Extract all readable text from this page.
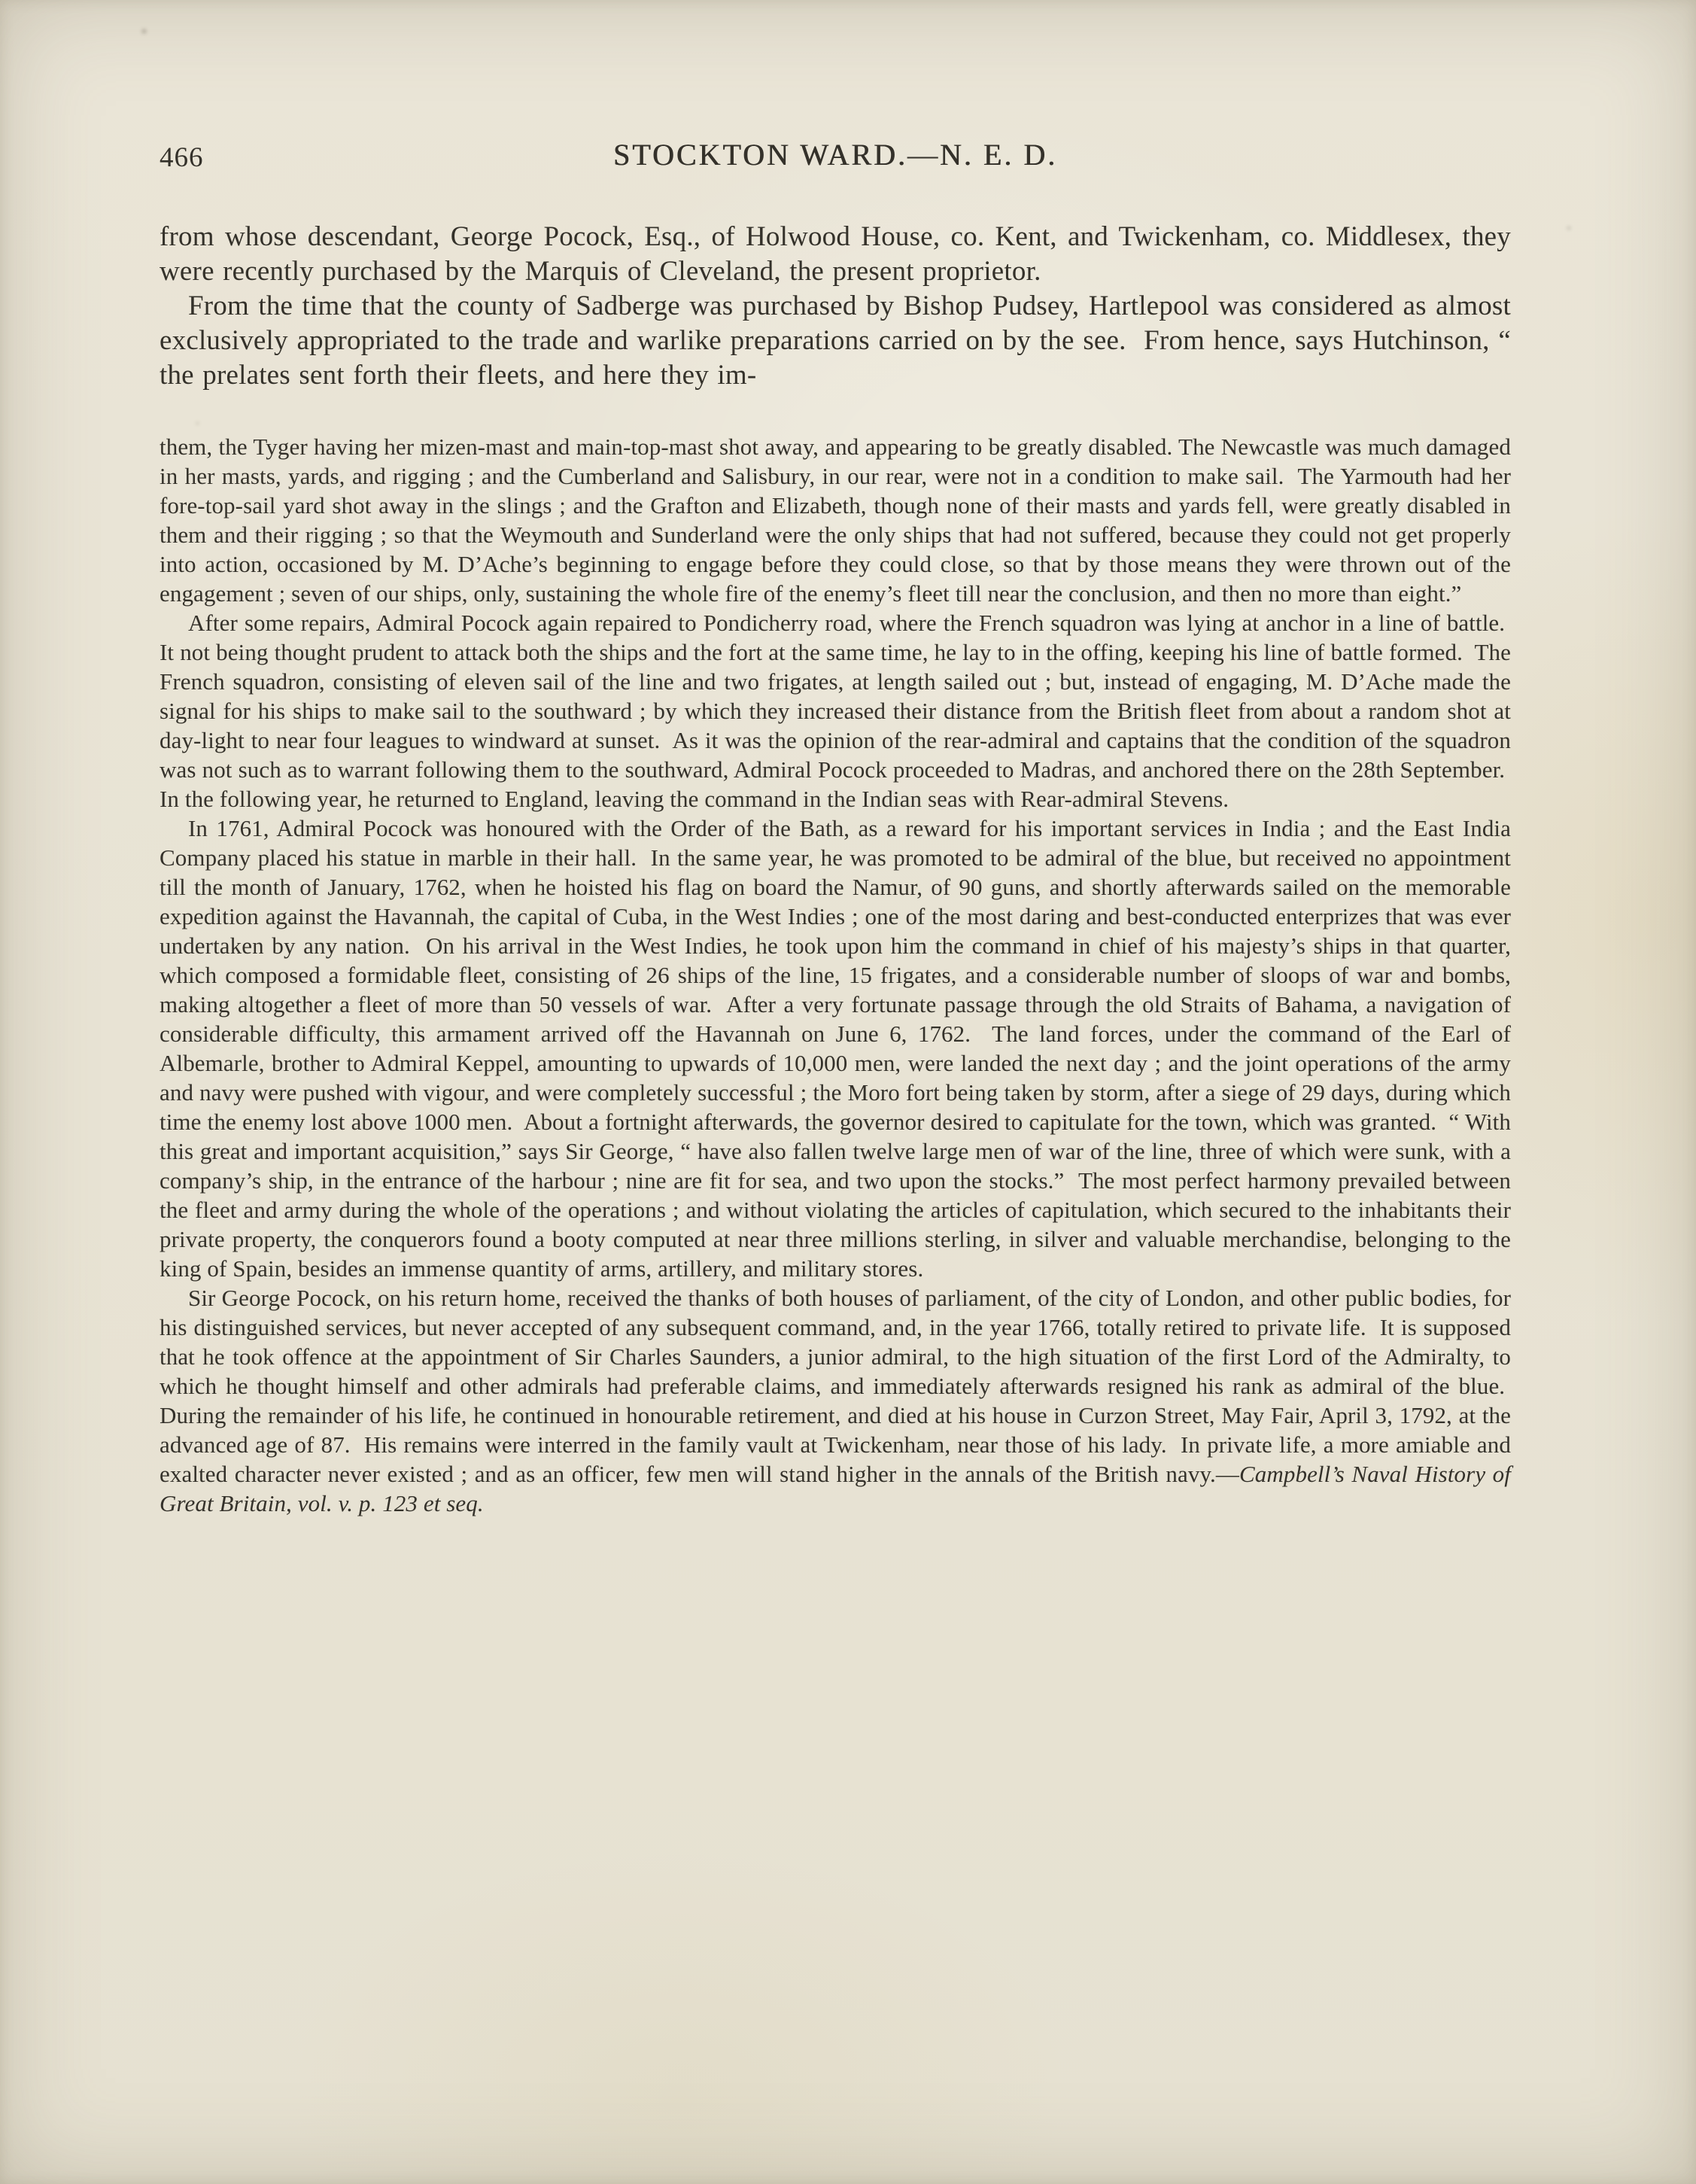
466	STOCKTON WARD.—N. E. D.

from whose descendant, George Pocock, Esq., of Holwood House, co. Kent, and Twickenham, co. Middlesex, they were recently purchased by the Marquis of Cleveland, the present proprietor.

From the time that the county of Sadberge was purchased by Bishop Pudsey, Hartlepool was considered as almost exclusively appropriated to the trade and warlike preparations carried on by the see.  From hence, says Hutchinson, “ the prelates sent forth their fleets, and here they im-

them, the Tyger having her mizen-mast and main-top-mast shot away, and appearing to be greatly disabled. The Newcastle was much damaged in her masts, yards, and rigging ; and the Cumberland and Salisbury, in our rear, were not in a condition to make sail.  The Yarmouth had her fore-top-sail yard shot away in the slings ; and the Grafton and Elizabeth, though none of their masts and yards fell, were greatly disabled in them and their rigging ; so that the Weymouth and Sunderland were the only ships that had not suffered, because they could not get properly into action, occasioned by M. D’Ache’s beginning to engage before they could close, so that by those means they were thrown out of the engagement ; seven of our ships, only, sustaining the whole fire of the enemy’s fleet till near the conclusion, and then no more than eight.”

After some repairs, Admiral Pocock again repaired to Pondicherry road, where the French squadron was lying at anchor in a line of battle.  It not being thought prudent to attack both the ships and the fort at the same time, he lay to in the offing, keeping his line of battle formed.  The French squadron, consisting of eleven sail of the line and two frigates, at length sailed out ; but, instead of engaging, M. D’Ache made the signal for his ships to make sail to the southward ; by which they increased their distance from the British fleet from about a random shot at day-light to near four leagues to windward at sunset.  As it was the opinion of the rear-admiral and captains that the condition of the squadron was not such as to warrant following them to the southward, Admiral Pocock proceeded to Madras, and anchored there on the 28th September.  In the following year, he returned to England, leaving the command in the Indian seas with Rear-admiral Stevens.

In 1761, Admiral Pocock was honoured with the Order of the Bath, as a reward for his important services in India ; and the East India Company placed his statue in marble in their hall.  In the same year, he was promoted to be admiral of the blue, but received no appointment till the month of January, 1762, when he hoisted his flag on board the Namur, of 90 guns, and shortly afterwards sailed on the memorable expedition against the Havannah, the capital of Cuba, in the West Indies ; one of the most daring and best-conducted enterprizes that was ever undertaken by any nation.  On his arrival in the West Indies, he took upon him the command in chief of his majesty’s ships in that quarter, which composed a formidable fleet, consisting of 26 ships of the line, 15 frigates, and a considerable number of sloops of war and bombs, making altogether a fleet of more than 50 vessels of war.  After a very fortunate passage through the old Straits of Bahama, a navigation of considerable difficulty, this armament arrived off the Havannah on June 6, 1762.  The land forces, under the command of the Earl of Albemarle, brother to Admiral Keppel, amounting to upwards of 10,000 men, were landed the next day ; and the joint operations of the army and navy were pushed with vigour, and were completely successful ; the Moro fort being taken by storm, after a siege of 29 days, during which time the enemy lost above 1000 men.  About a fortnight afterwards, the governor desired to capitulate for the town, which was granted.  “ With this great and important acquisition,” says Sir George, “ have also fallen twelve large men of war of the line, three of which were sunk, with a company’s ship, in the entrance of the harbour ; nine are fit for sea, and two upon the stocks.”  The most perfect harmony prevailed between the fleet and army during the whole of the operations ; and without violating the articles of capitulation, which secured to the inhabitants their private property, the conquerors found a booty computed at near three millions sterling, in silver and valuable merchandise, belonging to the king of Spain, besides an immense quantity of arms, artillery, and military stores.

Sir George Pocock, on his return home, received the thanks of both houses of parliament, of the city of London, and other public bodies, for his distinguished services, but never accepted of any subsequent command, and, in the year 1766, totally retired to private life.  It is supposed that he took offence at the appointment of Sir Charles Saunders, a junior admiral, to the high situation of the first Lord of the Admiralty, to which he thought himself and other admirals had preferable claims, and immediately afterwards resigned his rank as admiral of the blue.  During the remainder of his life, he continued in honourable retirement, and died at his house in Curzon Street, May Fair, April 3, 1792, at the advanced age of 87.  His remains were interred in the family vault at Twickenham, near those of his lady.  In private life, a more amiable and exalted character never existed ; and as an officer, few men will stand higher in the annals of the British navy.—Campbell’s Naval History of Great Britain, vol. v. p. 123 et seq.
